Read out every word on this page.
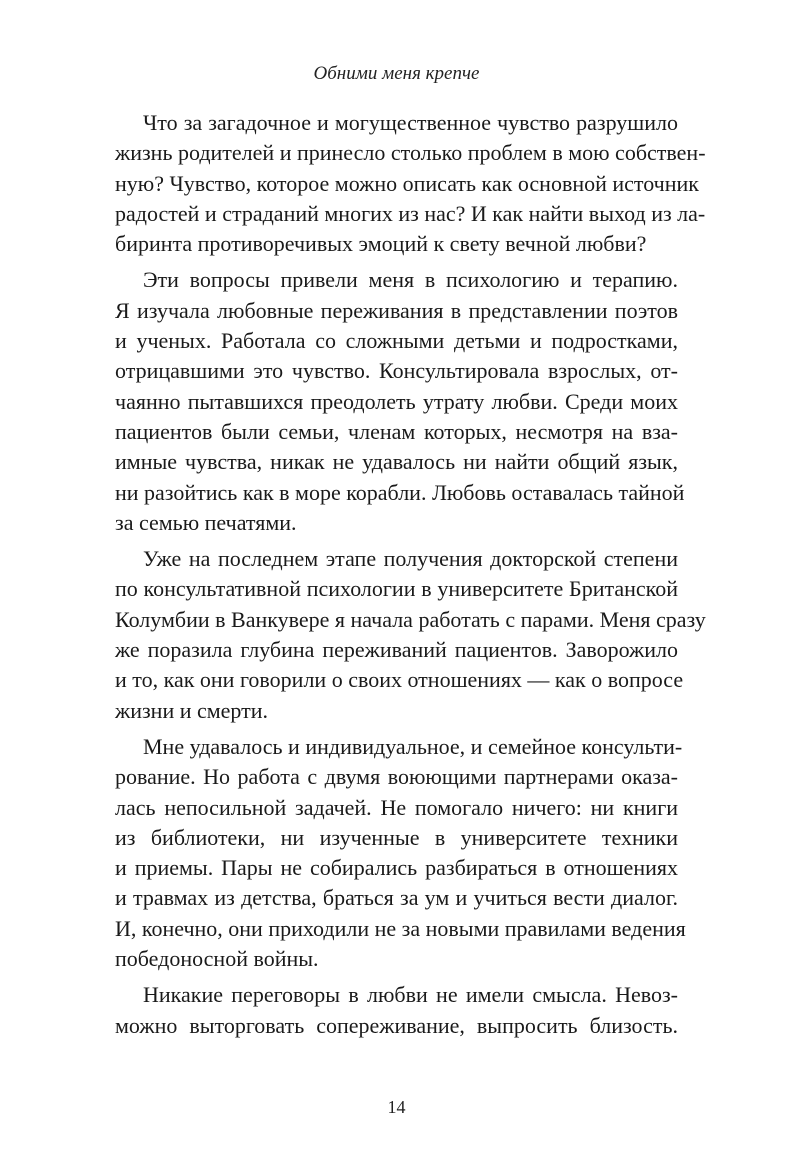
Обними меня крепче
Что за загадочное и могущественное чувство разрушило
жизнь родителей и принесло столько проблем в мою собствен-
ную? Чувство, которое можно описать как основной источник
радостей и страданий многих из нас? И как найти выход из ла-
биринта противоречивых эмоций к свету вечной любви?
Эти вопросы привели меня в психологию и терапию.
Я изучала любовные переживания в представлении поэтов
и ученых. Работала со сложными детьми и подростками,
отрицавшими это чувство. Консультировала взрослых, от-
чаянно пытавшихся преодолеть утрату любви. Среди моих
пациентов были семьи, членам которых, несмотря на вза-
имные чувства, никак не удавалось ни найти общий язык,
ни разойтись как в море корабли. Любовь оставалась тайной
за семью печатями.
Уже на последнем этапе получения докторской степени
по консультативной психологии в университете Британской
Колумбии в Ванкувере я начала работать с парами. Меня сразу
же поразила глубина переживаний пациентов. Заворожило
и то, как они говорили о своих отношениях — как о вопросе
жизни и смерти.
Мне удавалось и индивидуальное, и семейное консульти-
рование. Но работа с двумя воюющими партнерами оказа-
лась непосильной задачей. Не помогало ничего: ни книги
из библиотеки, ни изученные в университете техники
и приемы. Пары не собирались разбираться в отношениях
и травмах из детства, браться за ум и учиться вести диалог.
И, конечно, они приходили не за новыми правилами ведения
победоносной войны.
Никакие переговоры в любви не имели смысла. Невоз-
можно выторговать сопереживание, выпросить близость.
14
